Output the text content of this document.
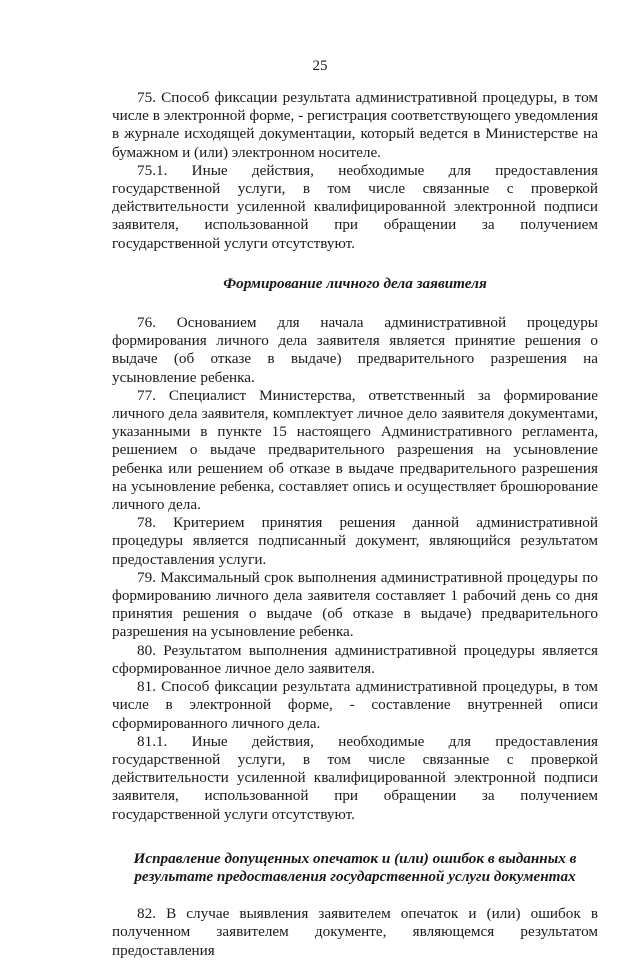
25

75. Способ фиксации результата административной процедуры, в том числе в электронной форме, - регистрация соответствующего уведомления в журнале исходящей документации, который ведется в Министерстве на бумажном и (или) электронном носителе.

75.1. Иные действия, необходимые для предоставления государственной услуги, в том числе связанные с проверкой действительности усиленной квалифицированной электронной подписи заявителя, использованной при обращении за получением государственной услуги отсутствуют.

Формирование личного дела заявителя

76. Основанием для начала административной процедуры формирования личного дела заявителя является принятие решения о выдаче (об отказе в выдаче) предварительного разрешения на усыновление ребенка.

77. Специалист Министерства, ответственный за формирование личного дела заявителя, комплектует личное дело заявителя документами, указанными в пункте 15 настоящего Административного регламента, решением о выдаче предварительного разрешения на усыновление ребенка или решением об отказе в выдаче предварительного разрешения на усыновление ребенка, составляет опись и осуществляет брошюрование личного дела.

78. Критерием принятия решения данной административной процедуры является подписанный документ, являющийся результатом предоставления услуги.

79. Максимальный срок выполнения административной процедуры по формированию личного дела заявителя составляет 1 рабочий день со дня принятия решения о выдаче (об отказе в выдаче) предварительного разрешения на усыновление ребенка.

80. Результатом выполнения административной процедуры является сформированное личное дело заявителя.

81. Способ фиксации результата административной процедуры, в том числе в электронной форме, - составление внутренней описи сформированного личного дела.

81.1. Иные действия, необходимые для предоставления государственной услуги, в том числе связанные с проверкой действительности усиленной квалифицированной электронной подписи заявителя, использованной при обращении за получением государственной услуги отсутствуют.

Исправление допущенных опечаток и (или) ошибок в выданных в результате предоставления государственной услуги документах

82. В случае выявления заявителем опечаток и (или) ошибок в полученном заявителем документе, являющемся результатом предоставления
